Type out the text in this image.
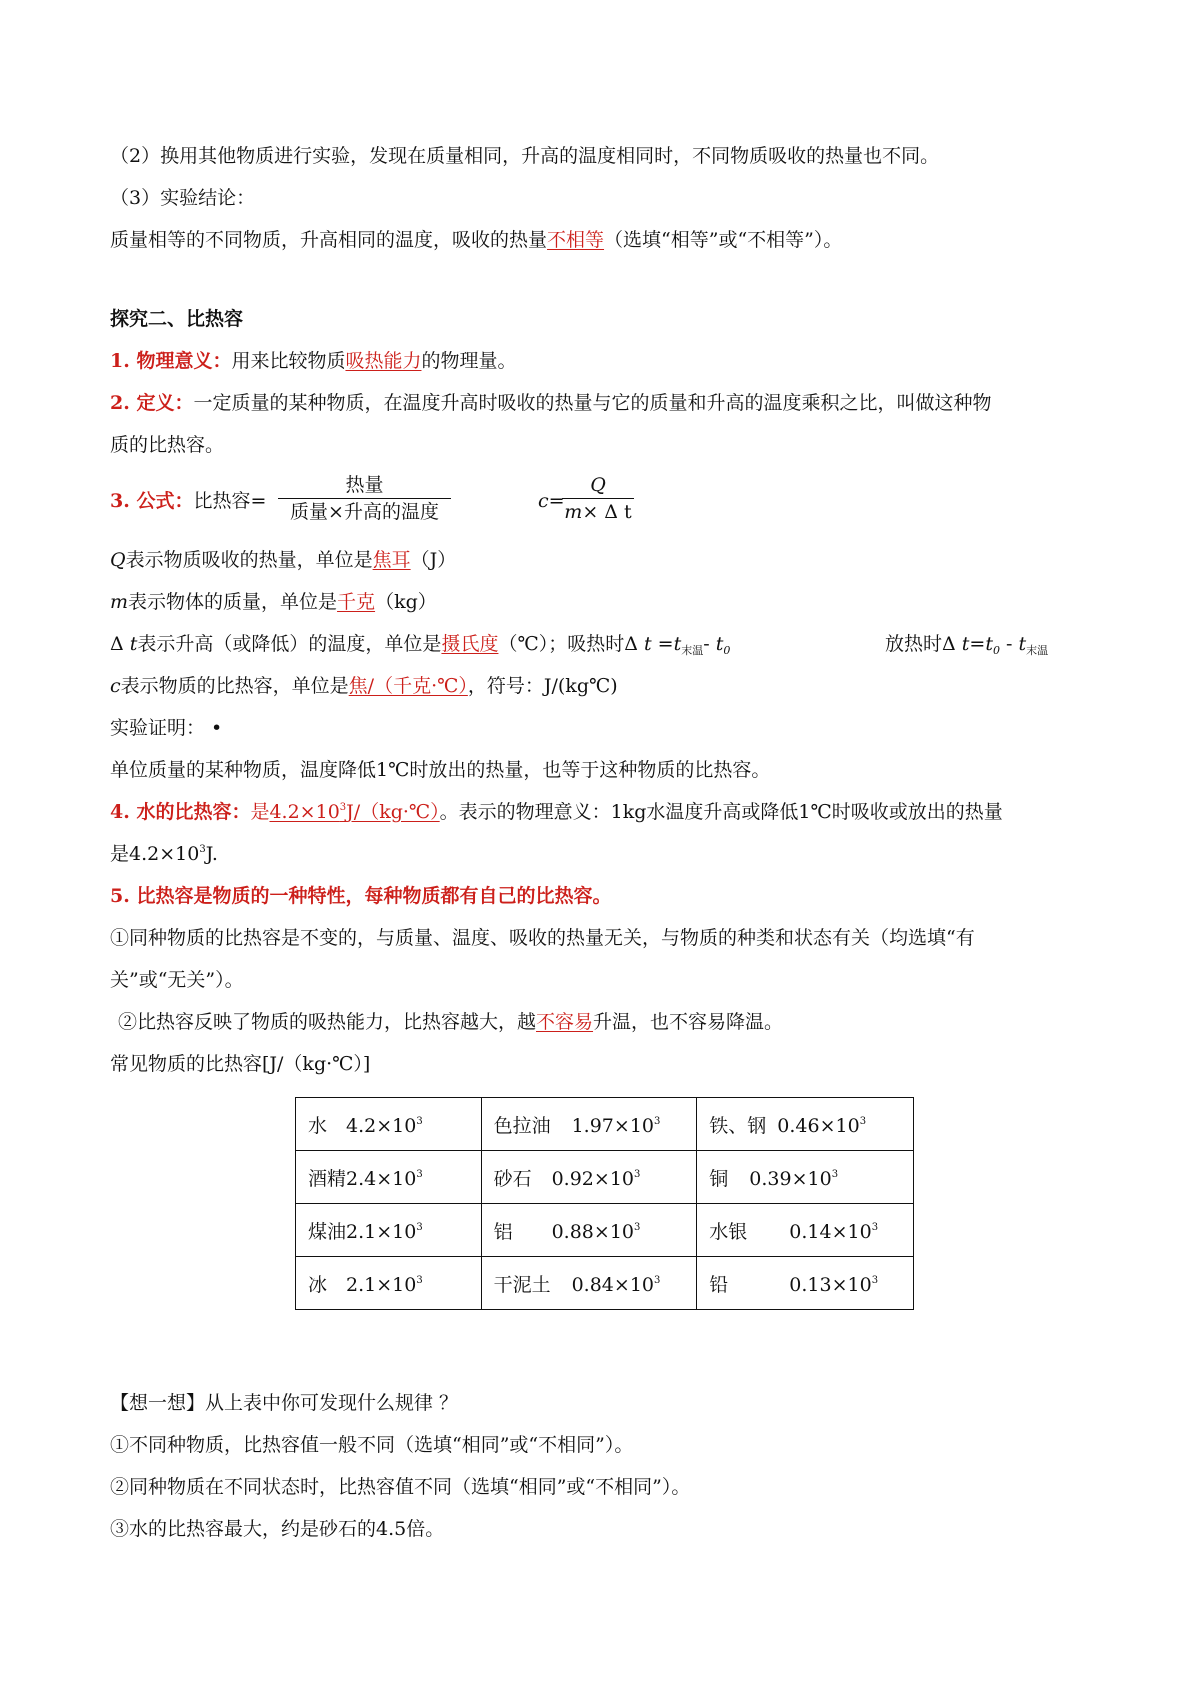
（2）换用其他物质进行实验，发现在质量相同，升高的温度相同时，不同物质吸收的热量也不同。
（3）实验结论：
质量相等的不同物质，升高相同的温度，吸收的热量不相等（选填“相等”或“不相等”）。
探究二、比热容
1. 物理意义：用来比较物质吸热能力的物理量。
2. 定义：一定质量的某种物质，在温度升高时吸收的热量与它的质量和升高的温度乘积之比，叫做这种物
质的比热容。
3. 公式：比热容=
热量
质量×升高的温度	c=
Q
m× Δ t
Q表示物质吸收的热量，单位是焦耳（J）
m表示物体的质量，单位是千克（kg）
Δ t表示升高（或降低）的温度，单位是摄氏度（℃）；吸热时Δ $t =t_{末温}-$ $t_0$	放热时Δ $t=t_0 - t_{末温}$
c表示物质的比热容，单位是焦/（千克·℃），符号：J/(kg℃)
实验证明： •
单位质量的某种物质，温度降低1℃时放出的热量，也等于这种物质的比热容。
4. 水的比热容：是$4.2\times 10^3J/(kg\cdot℃)$。表示的物理意义：1kg水温度升高或降低1℃时吸收或放出的热量
是$4.2\times 10^3J$.
5. 比热容是物质的一种特性，每种物质都有自己的比热容。
①同种物质的比热容是不变的，与质量、温度、吸收的热量无关，与物质的种类和状态有关（均选填“有
关”或“无关”）。
②比热容反映了物质的吸热能力，比热容越大，越不容易升温，也不容易降温。
常见物质的比热容[J/（kg·℃）]
水 $4.2\times 10^3$	色拉油 $1.97\times 10^3$	铁、钢 $0.46\times 10^3$
酒精$2.4\times 10^3$	砂石 $0.92\times 10^3$	铜 $0.39\times 10^3$
煤油$2.1\times 10^3$	铝 $0.88\times 10^3$	水银 $0.14\times 10^3$
冰 $2.1\times 10^3$	干泥土 $0.84\times 10^3$	铅 $0.13\times 10^3$
【想一想】从上表中你可发现什么规律 ？
①不同种物质，比热容值一般不同（选填“相同”或“不相同”）。
②同种物质在不同状态时，比热容值不同（选填“相同”或“不相同”）。
③水的比热容最大，约是砂石的4.5倍。
